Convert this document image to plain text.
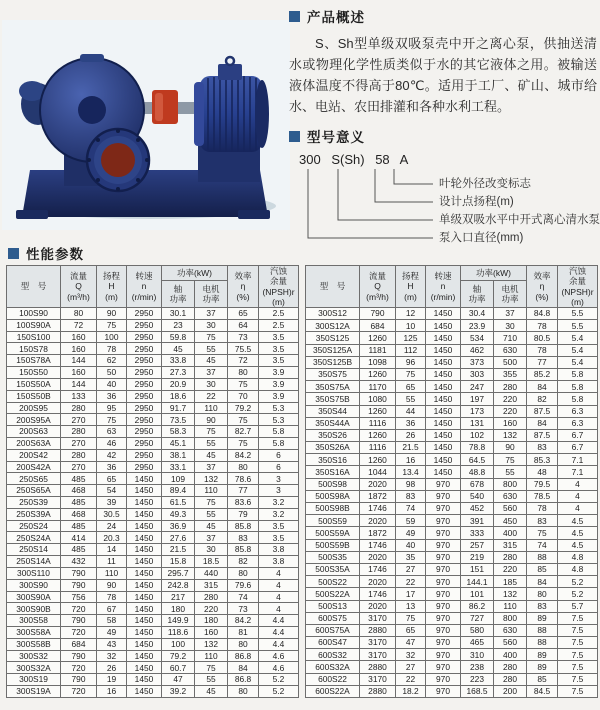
产品概述

S、Sh型单级双吸泵壳中开之离心泵，供抽送清水或物理化学性质类似于水的其它液体之用。被输送液体温度不得高于80℃。适用于工厂、矿山、城市给水、电站、农田排灌和各种水利工程。

型号意义
300 S(Sh) 58 A
叶轮外径改变标志
设计点扬程(m)
单级双吸水平中开式离心清水泵
泵入口直径(mm)
性能参数
型　号	流量
Q
(m³/h)	扬程
H
(m)	转速
n
(r/min)	功率(kW)		效率
η
(%)	汽蚀
余量
(NPSH)r
(m)

				轴
功率	电机
功率		

100S90	80	90	2950	30.1	37	65	2.5
100S90A	72	75	2950	23	30	64	2.5
150S100	160	100	2950	59.8	75	73	3.5
150S78	160	78	2950	45	55	75.5	3.5
150S78A	144	62	2950	33.8	45	72	3.5
150S50	160	50	2950	27.3	37	80	3.9
150S50A	144	40	2950	20.9	30	75	3.9
150S50B	133	36	2950	18.6	22	70	3.9
200S95	280	95	2950	91.7	110	79.2	5.3
200S95A	270	75	2950	73.5	90	75	5.3
200S63	280	63	2950	58.3	75	82.7	5.8
200S63A	270	46	2950	45.1	55	75	5.8
200S42	280	42	2950	38.1	45	84.2	6
200S42A	270	36	2950	33.1	37	80	6
250S65	485	65	1450	109	132	78.6	3
250S65A	468	54	1450	89.4	110	77	3
250S39	485	39	1450	61.5	75	83.6	3.2
250S39A	468	30.5	1450	49.3	55	79	3.2
250S24	485	24	1450	36.9	45	85.8	3.5
250S24A	414	20.3	1450	27.6	37	83	3.5
250S14	485	14	1450	21.5	30	85.8	3.8
250S14A	432	11	1450	15.8	18.5	82	3.8
300S110	790	110	1450	295.7	440	80	4
300S90	790	90	1450	242.8	315	79.6	4
300S90A	756	78	1450	217	280	74	4
300S90B	720	67	1450	180	220	73	4
300S58	790	58	1450	149.9	180	84.2	4.4
300S58A	720	49	1450	118.6	160	81	4.4
300S58B	684	43	1450	100	132	80	4.4
300S32	790	32	1450	79.2	110	86.8	4.6
300S32A	720	26	1450	60.7	75	84	4.6
300S19	790	19	1450	47	55	86.8	5.2
300S19A	720	16	1450	39.2	45	80	5.2
型　号	流量
Q
(m³/h)	扬程
H
(m)	转速
n
(r/min)	功率(kW)		效率
η
(%)	汽蚀
余量
(NPSH)r
(m)

				轴
功率	电机
功率		

300S12	790	12	1450	30.4	37	84.8	5.5
300S12A	684	10	1450	23.9	30	78	5.5
350S125	1260	125	1450	534	710	80.5	5.4
350S125A	1181	112	1450	462	630	78	5.4
350S125B	1098	96	1450	373	500	77	5.4
350S75	1260	75	1450	303	355	85.2	5.8
350S75A	1170	65	1450	247	280	84	5.8
350S75B	1080	55	1450	197	220	82	5.8
350S44	1260	44	1450	173	220	87.5	6.3
350S44A	1116	36	1450	131	160	84	6.3
350S26	1260	26	1450	102	132	87.5	6.7
350S26A	1116	21.5	1450	78.8	90	83	6.7
350S16	1260	16	1450	64.5	75	85.3	7.1
350S16A	1044	13.4	1450	48.8	55	48	7.1
500S98	2020	98	970	678	800	79.5	4
500S98A	1872	83	970	540	630	78.5	4
500S98B	1746	74	970	452	560	78	4
500S59	2020	59	970	391	450	83	4.5
500S59A	1872	49	970	333	400	75	4.5
500S59B	1746	40	970	257	315	74	4.5
500S35	2020	35	970	219	280	88	4.8
500S35A	1746	27	970	151	220	85	4.8
500S22	2020	22	970	144.1	185	84	5.2
500S22A	1746	17	970	101	132	80	5.2
500S13	2020	13	970	86.2	110	83	5.7
600S75	3170	75	970	727	800	89	7.5
600S75A	2880	65	970	580	630	88	7.5
600S47	3170	47	970	465	560	88	7.5
600S32	3170	32	970	310	400	89	7.5
600S32A	2880	27	970	238	280	89	7.5
600S22	3170	22	970	223	280	85	7.5
600S22A	2880	18.2	970	168.5	200	84.5	7.5
